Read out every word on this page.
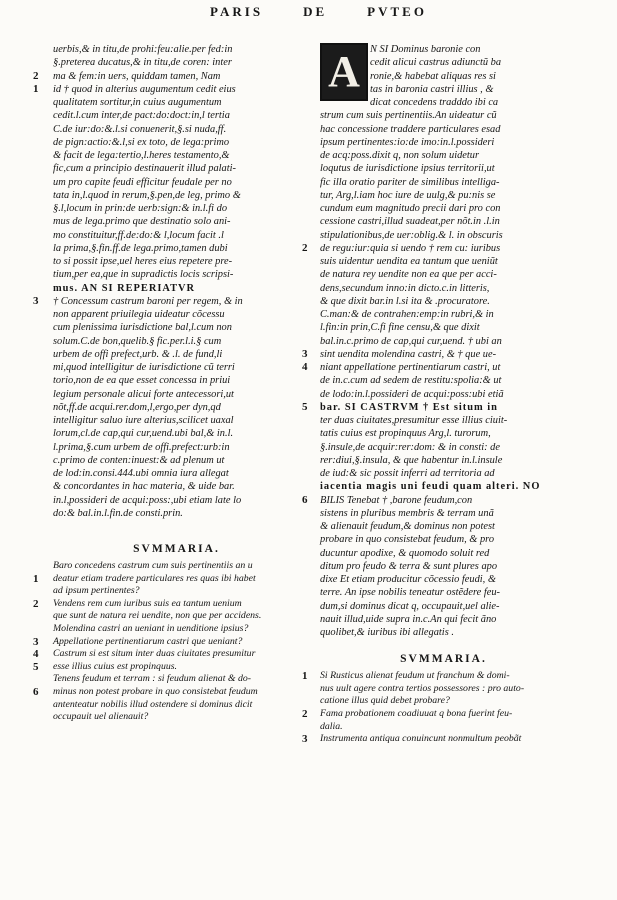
PARIS	DE	PVTEO
uerbis,& in titu,de prohi:feu:alie.per fed:in
§.preterea ducatus,& in titu,de coren: inter
2 ma & fem:in uers, quiddam tamen, Nam
1 id † quod in alterius augumentum cedit eius
qualitatem sortitur,in cuius augumentum
cedit.l.cum inter,de pact:do:doct:in,l tertia
C.de iur:do:&.l.si conuenerit,§.si nuda,ff.
de pign:actio:&.l,si ex toto, de lega:primo
& facit de lega:tertio,l.heres testamento,&
fic,cum a principio destinauerit illud palati-
um pro capite feudi efficitur feudale per no
tata in,l.quod in rerum,§.pen,de leg, primo &
§.l,locum in prin:de uerb:sign:& in.l.fi do
mus de lega.primo que destinatio solo ani-
mo constituitur,ff.de:do:& l,locum facit .l
la prima,§.fin.ff.de lega.primo,tamen dubi
to si possit ipse,uel heres eius repetere pre-
tium,per ea,que in supradictis locis scripsi-
mus. AN SI REPERIATVR
3 † Concessum castrum baroni per regem, & in
non apparent priuilegia uideatur cõcessu
cum plenissima iurisdictione bal,l.cum non
solum.C.de bon,quelib.§ fic.per.l.i.§ cum
urbem de offi prefect,urb. & .l. de fund,li
mi,quod intelligitur de iurisdictione cũ terri
torio,non de ea que esset concessa in priui
legium personale alicui forte antecessori,ut
nõt,ff.de acqui.rer.dom,l,ergo,per dyn,qd
intelligitur saluo iure alterius,scilicet uaxal
lorum,cl.de cap,qui cur,uend.ubi bal,& in.l.
l.prima,§.cum urbem de offi.prefect:urb:in
c.primo de conten:inuest:& ad plenum ut
de lod:in.consi.444.ubi omnia iura allegat
& concordantes in hac materia, & uide bar.
in.l,possideri de acqui:poss:,ubi etiam late lo
do:& bal.in.l.fin.de consti.prin.
SVMMARIA.
Baro concedens castrum cum suis pertinentiis an u
1 deatur etiam tradere particulares res quas ibi habet
ad ipsum pertinentes?
2 Vendens rem cum iuribus suis ea tantum uenium
que sunt de natura rei uendite, non que per accidens.
Molendina castri an ueniant in uenditione ipsius?
3 Appellatione pertinentiarum castri que ueniant?
4 Castrum si est situm inter duas ciuitates presumitur
5 esse illius cuius est propinquus.
Tenens feudum et terram : si feudum alienat & do-
6 minus non potest probare in quo consistebat feudum
antenteatur nobilis illud ostendere si dominus dicit
occupauit uel alienauit?
A N SI Dominus baronie con
cedit alicui castrus adiunctũ ba
ronie,& habebat aliquas res si
tas in baronia castri illius , &
dicat concedens tradddo ibi ca
strum cum suis pertinentiis.An uideatur cũ
hac concessione traddere particulares esad
ipsum pertinentes:io:de imo:in.l.possideri
de acq:poss.dixit q, non solum uidetur
loqutus de iurisdictione ipsius territorii,ut
fic illa oratio pariter de similibus intelliga-
tur, Arg,l.iam hoc iure de uulg,& pu:nis se
cundum eum magnitudo precii dari pro con
cessione castri,illud suadeat,per nõt.in .l.in
stipulationibus,de uer:oblig.& l. in obscuris
2 de regu:iur:quia si uendo † rem cu: iuribus
suis uidentur uendita ea tantum que ueniũt
de natura rey uendite non ea que per acci-
dens,secundum inno:in dicto.c.in litteris,
& que dixit bar.in l.si ita & .procuratore.
C.man:& de contrahen:emp:in rubri,& in
l.fin:in prin,C.fi fine censu,& que dixit
bal.in.c.primo de cap,qui cur,uend. † ubi an
3 sint uendita molendina castri, & † que ue-
4 niant appellatione pertinentiarum castri, ut
de in.c.cum ad sedem de restitu:spolia:& ut
de lodo:in.l.possideri de acqui:poss:ubi etiã
5 bar. SI CASTRVM † Est situm in
ter duas ciuitates,presumitur esse illius ciuit-
tatis cuius est propinquus Arg,l. turorum,
§.insule,de acquir:rer:dom: & in consti: de
rer:diui,§.insula, & que habentur in.l.insule
de iud:& sic possit inferri ad territoria ad
iacentia magis uni feudi quam alteri. NO
6 BILIS Tenebat † ,barone feudum,con
sistens in pluribus membris & terram unã
& alienauit feudum,& dominus non potest
probare in quo consistebat feudum, & pro
ducuntur apodixe, & quomodo soluit red
ditum pro feudo & terra & sunt plures apo
dixe Et etiam producitur cõcessio feudi, &
terre. An ipse nobilis teneatur ostẽdere feu-
dum,si dominus dicat q, occupauit,uel alie-
nauit illud,uide supra in.c.An qui fecit ãno
quolibet,& iuribus ibi allegatis .
SVMMARIA.
1 Si Rusticus alienat feudum ut franchum & domi-
nus uult agere contra tertios possessores : pro auto-
catione illus quid debet probare?
2 Fama probationem coadiuuat q bona fuerint feu-
dalia.
3 Instrumenta antiqua conuincunt nonmultum peobãt
